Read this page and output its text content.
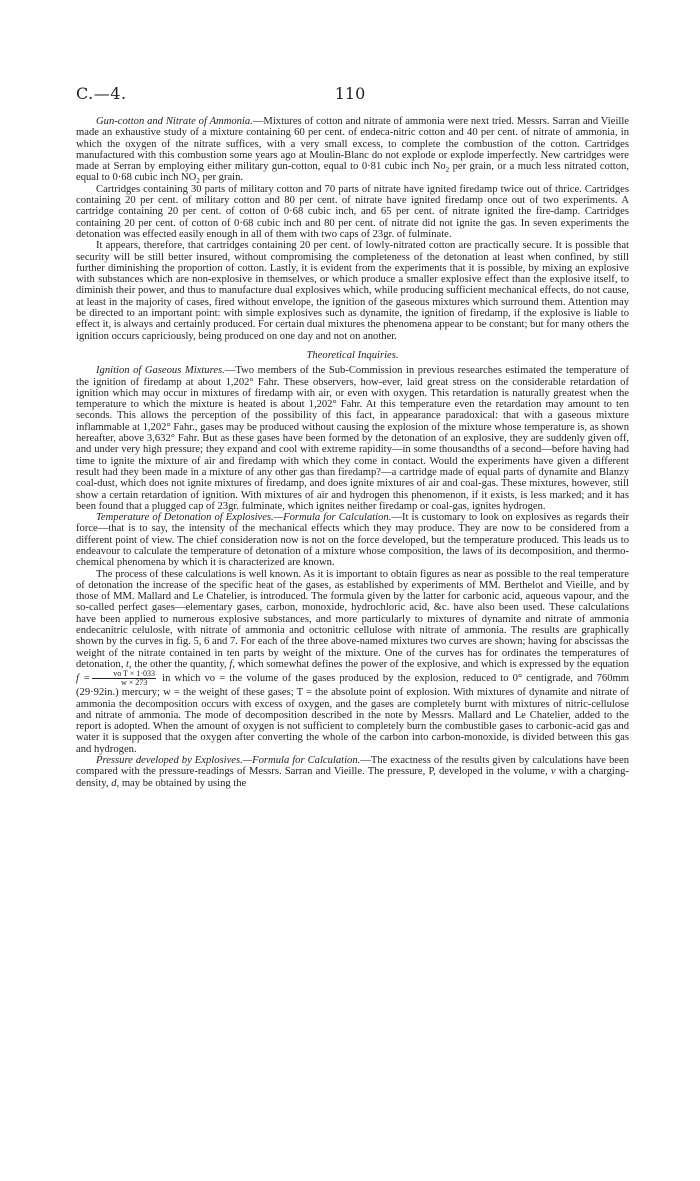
C.—4.	110

Gun-cotton and Nitrate of Ammonia.—Mixtures of cotton and nitrate of ammonia were next tried. Messrs. Sarran and Vieille made an exhaustive study of a mixture containing 60 per cent. of endeca-nitric cotton and 40 per cent. of nitrate of ammonia, in which the oxygen of the nitrate suffices, with a very small excess, to complete the combustion of the cotton. Cartridges manufactured with this combustion some years ago at Moulin-Blanc do not explode or explode imperfectly. New cartridges were made at Serran by employing either military gun-cotton, equal to 0·81 cubic inch $No_2$ per grain, or a much less nitrated cotton, equal to 0·68 cubic inch $NO_2$ per grain.

Cartridges containing 30 parts of military cotton and 70 parts of nitrate have ignited firedamp twice out of thrice. Cartridges containing 20 per cent. of military cotton and 80 per cent. of nitrate have ignited firedamp once out of two experiments. A cartridge containing 20 per cent. of cotton of 0·68 cubic inch, and 65 per cent. of nitrate ignited the fire-damp. Cartridges containing 20 per cent. of cotton of 0·68 cubic inch and 80 per cent. of nitrate did not ignite the gas. In seven experiments the detonation was effected easily enough in all of them with two caps of 23gr. of fulminate.

It appears, therefore, that cartridges containing 20 per cent. of lowly-nitrated cotton are practically secure. It is possible that security will be still better insured, without compromising the completeness of the detonation at least when confined, by still further diminishing the proportion of cotton. Lastly, it is evident from the experiments that it is possible, by mixing an explosive with substances which are non-explosive in themselves, or which produce a smaller explosive effect than the explosive itself, to diminish their power, and thus to manufacture dual explosives which, while producing sufficient mechanical effects, do not cause, at least in the majority of cases, fired without envelope, the ignition of the gaseous mixtures which surround them. Attention may be directed to an important point: with simple explosives such as dynamite, the ignition of firedamp, if the explosive is liable to effect it, is always and certainly produced. For certain dual mixtures the phenomena appear to be constant; but for many others the ignition occurs capriciously, being produced on one day and not on another.

Theoretical Inquiries.

Ignition of Gaseous Mixtures.—Two members of the Sub-Commission in previous researches estimated the temperature of the ignition of firedamp at about 1,202° Fahr. These observers, how-ever, laid great stress on the considerable retardation of ignition which may occur in mixtures of firedamp with air, or even with oxygen. This retardation is naturally greatest when the temperature to which the mixture is heated is about 1,202° Fahr. At this temperature even the retardation may amount to ten seconds. This allows the perception of the possibility of this fact, in appearance paradoxical: that with a gaseous mixture inflammable at 1,202° Fahr., gases may be produced without causing the explosion of the mixture whose temperature is, as shown hereafter, above 3,632° Fahr. But as these gases have been formed by the detonation of an explosive, they are suddenly given off, and under very high pressure; they expand and cool with extreme rapidity—in some thousandths of a second—before having had time to ignite the mixture of air and firedamp with which they come in contact. Would the experiments have given a different result had they been made in a mixture of any other gas than firedamp?—a cartridge made of equal parts of dynamite and Blanzy coal-dust, which does not ignite mixtures of firedamp, and does ignite mixtures of air and coal-gas. These mixtures, however, still show a certain retardation of ignition. With mixtures of air and hydrogen this phenomenon, if it exists, is less marked; and it has been found that a plugged cap of 23gr. fulminate, which ignites neither firedamp or coal-gas, ignites hydrogen.

Temperature of Detonation of Explosives.—Formula for Calculation.—It is customary to look on explosives as regards their force—that is to say, the intensity of the mechanical effects which they may produce. They are now to be considered from a different point of view. The chief consideration now is not on the force developed, but the temperature produced. This leads us to endeavour to calculate the temperature of detonation of a mixture whose composition, the laws of its decomposition, and thermo-chemical phenomena by which it is characterized are known.

The process of these calculations is well known. As it is important to obtain figures as near as possible to the real temperature of detonation the increase of the specific heat of the gases, as established by experiments of MM. Berthelot and Vieille, and by those of MM. Mallard and Le Chatelier, is introduced. The formula given by the latter for carbonic acid, aqueous vapour, and the so-called perfect gases—elementary gases, carbon, monoxide, hydrochloric acid, &c. have also been used. These calculations have been applied to numerous explosive substances, and more particularly to mixtures of dynamite and nitrate of ammonia endecanitric celulosle, with nitrate of ammonia and octonitric cellulose with nitrate of ammonia. The results are graphically shown by the curves in fig. 5, 6 and 7. For each of the three above-named mixtures two curves are shown; having for abscissas the weight of the nitrate contained in ten parts by weight of the mixture. One of the curves has for ordinates the temperatures of detonation, t, the other the quantity, f, which somewhat defines the power of the explosive, and which is expressed by the equation $f = \frac{\text{vo T × 1·033}}{w \times 273}$ in which vo = the volume of the gases produced by the explosion, reduced to 0° centigrade, and 760mm (29·92in.) mercury; w = the weight of these gases; T = the absolute point of explosion. With mixtures of dynamite and nitrate of ammonia the decomposition occurs with excess of oxygen, and the gases are completely burnt with mixtures of nitric-cellulose and nitrate of ammonia. The mode of decomposition described in the note by Messrs. Mallard and Le Chatelier, added to the report is adopted. When the amount of oxygen is not sufficient to completely burn the combustible gases to carbonic-acid gas and water it is supposed that the oxygen after converting the whole of the carbon into carbon-monoxide, is divided between this gas and hydrogen.

Pressure developed by Explosives.—Formula for Calculation.—The exactness of the results given by calculations have been compared with the pressure-readings of Messrs. Sarran and Vieille. The pressure, P, developed in the volume, v with a charging-density, d, may be obtained by using the
